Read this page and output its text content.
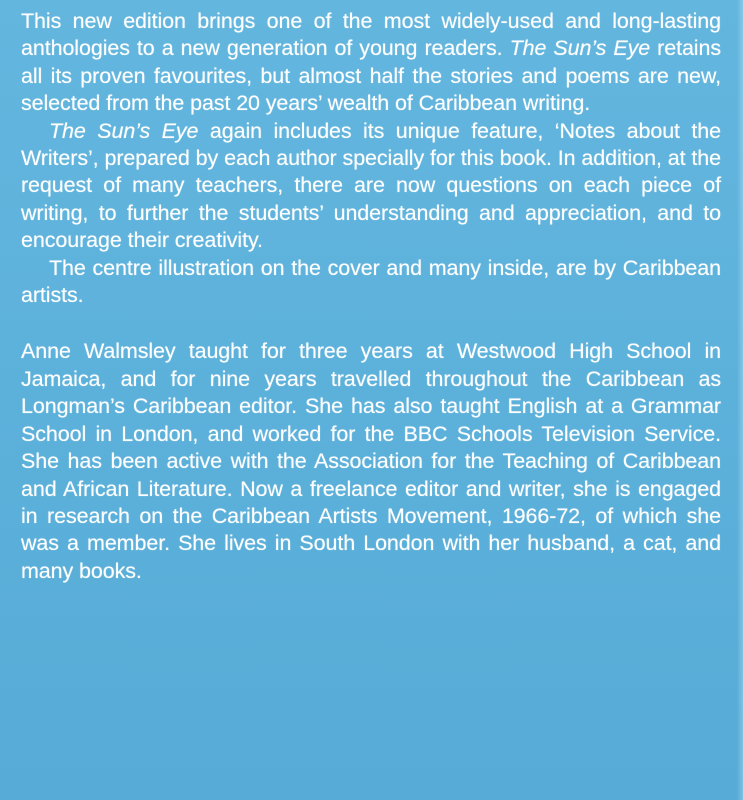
This new edition brings one of the most widely-used and long-lasting anthologies to a new generation of young readers. The Sun’s Eye retains all its proven favourites, but almost half the stories and poems are new, selected from the past 20 years’ wealth of Caribbean writing.

The Sun’s Eye again includes its unique feature, ‘Notes about the Writers’, prepared by each author specially for this book. In addition, at the request of many teachers, there are now questions on each piece of writing, to further the students’ understanding and appreciation, and to encourage their creativity.

The centre illustration on the cover and many inside, are by Caribbean artists.

Anne Walmsley taught for three years at Westwood High School in Jamaica, and for nine years travelled throughout the Caribbean as Longman’s Caribbean editor. She has also taught English at a Grammar School in London, and worked for the BBC Schools Television Service. She has been active with the Association for the Teaching of Caribbean and African Literature. Now a freelance editor and writer, she is engaged in research on the Caribbean Artists Movement, 1966-72, of which she was a member. She lives in South London with her husband, a cat, and many books.
